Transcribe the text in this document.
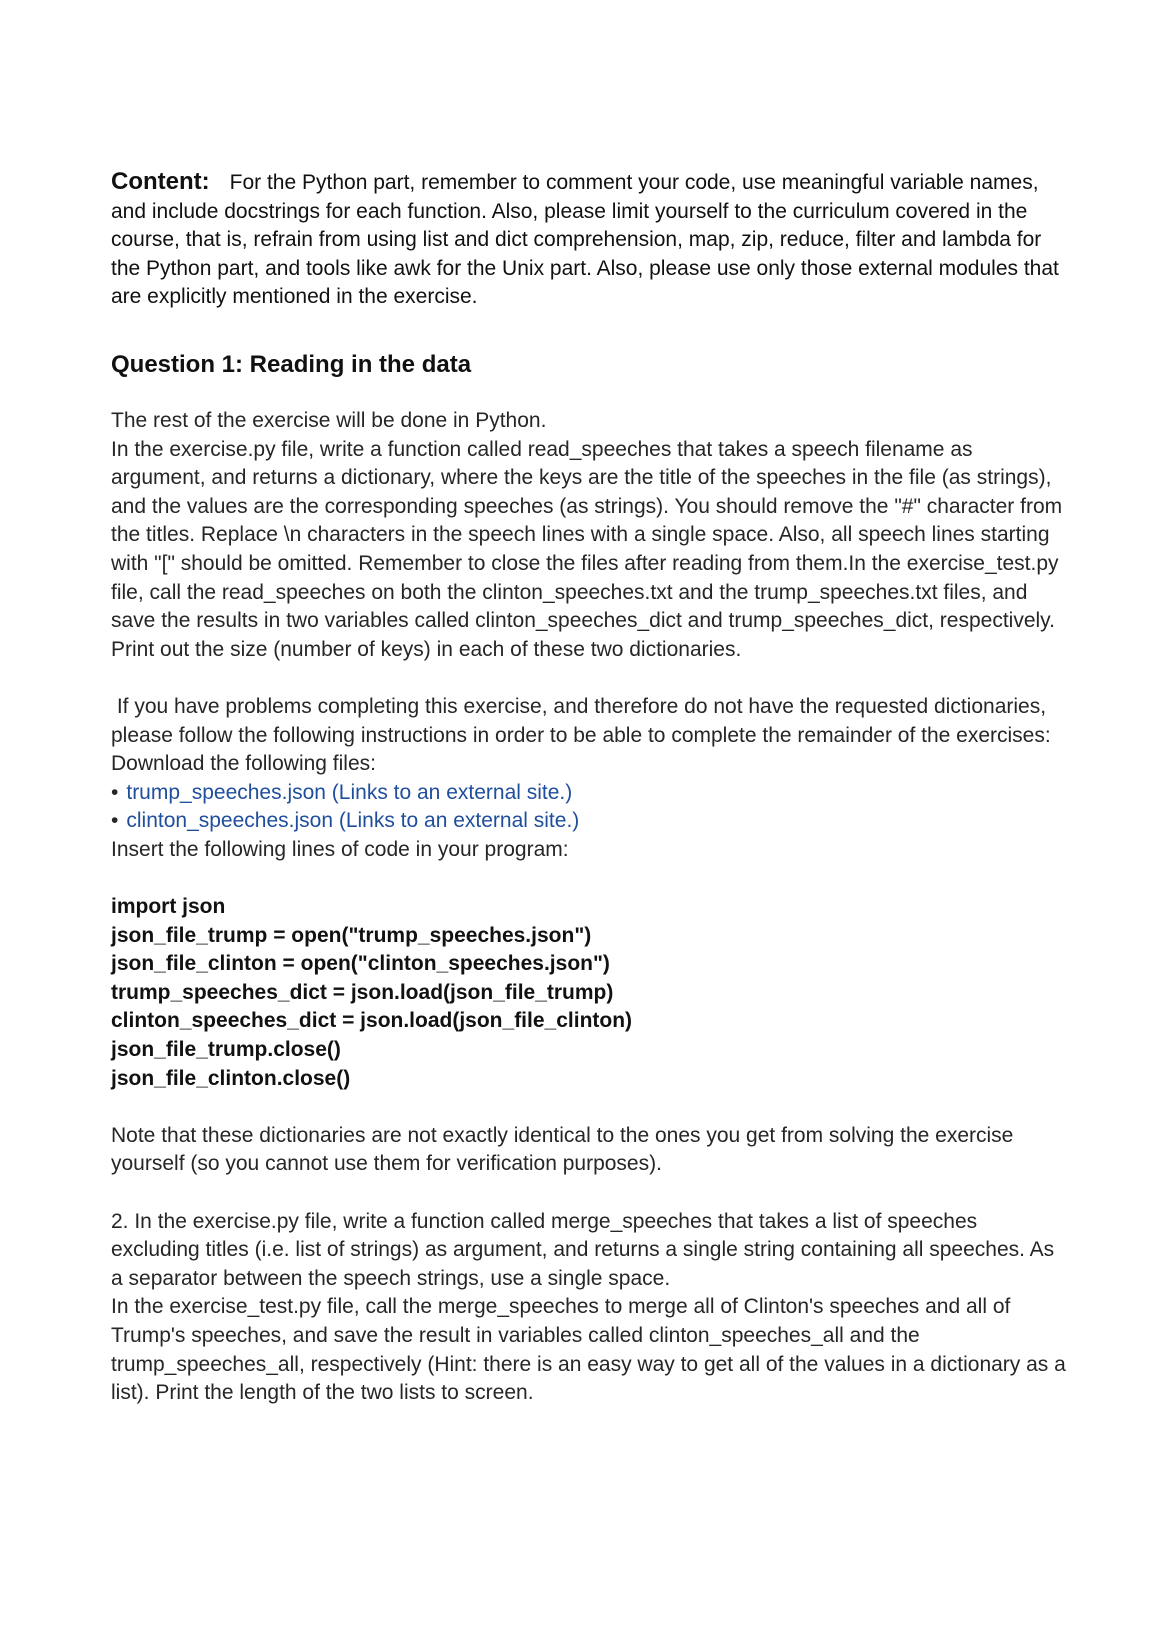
Content: For the Python part, remember to comment your code, use meaningful variable names, and include docstrings for each function. Also, please limit yourself to the curriculum covered in the course, that is, refrain from using list and dict comprehension, map, zip, reduce, filter and lambda for the Python part, and tools like awk for the Unix part. Also, please use only those external modules that are explicitly mentioned in the exercise.

Question 1: Reading in the data

The rest of the exercise will be done in Python.

In the exercise.py file, write a function called read_speeches that takes a speech filename as argument, and returns a dictionary, where the keys are the title of the speeches in the file (as strings), and the values are the corresponding speeches (as strings). You should remove the "#" character from the titles. Replace \n characters in the speech lines with a single space. Also, all speech lines starting with "[" should be omitted. Remember to close the files after reading from them.In the exercise_test.py file, call the read_speeches on both the clinton_speeches.txt and the trump_speeches.txt files, and save the results in two variables called clinton_speeches_dict and trump_speeches_dict, respectively. Print out the size (number of keys) in each of these two dictionaries.

If you have problems completing this exercise, and therefore do not have the requested dictionaries, please follow the following instructions in order to be able to complete the remainder of the exercises:

Download the following files:

• trump_speeches.json (Links to an external site.)
• clinton_speeches.json (Links to an external site.)

Insert the following lines of code in your program:

import json

json_file_trump = open("trump_speeches.json")

json_file_clinton = open("clinton_speeches.json")

trump_speeches_dict = json.load(json_file_trump)

clinton_speeches_dict = json.load(json_file_clinton)

json_file_trump.close()

json_file_clinton.close()

Note that these dictionaries are not exactly identical to the ones you get from solving the exercise yourself (so you cannot use them for verification purposes).

2. In the exercise.py file, write a function called merge_speeches that takes a list of speeches excluding titles (i.e. list of strings) as argument, and returns a single string containing all speeches. As a separator between the speech strings, use a single space.

In the exercise_test.py file, call the merge_speeches to merge all of Clinton's speeches and all of Trump's speeches, and save the result in variables called clinton_speeches_all and the trump_speeches_all, respectively (Hint: there is an easy way to get all of the values in a dictionary as a list). Print the length of the two lists to screen.
